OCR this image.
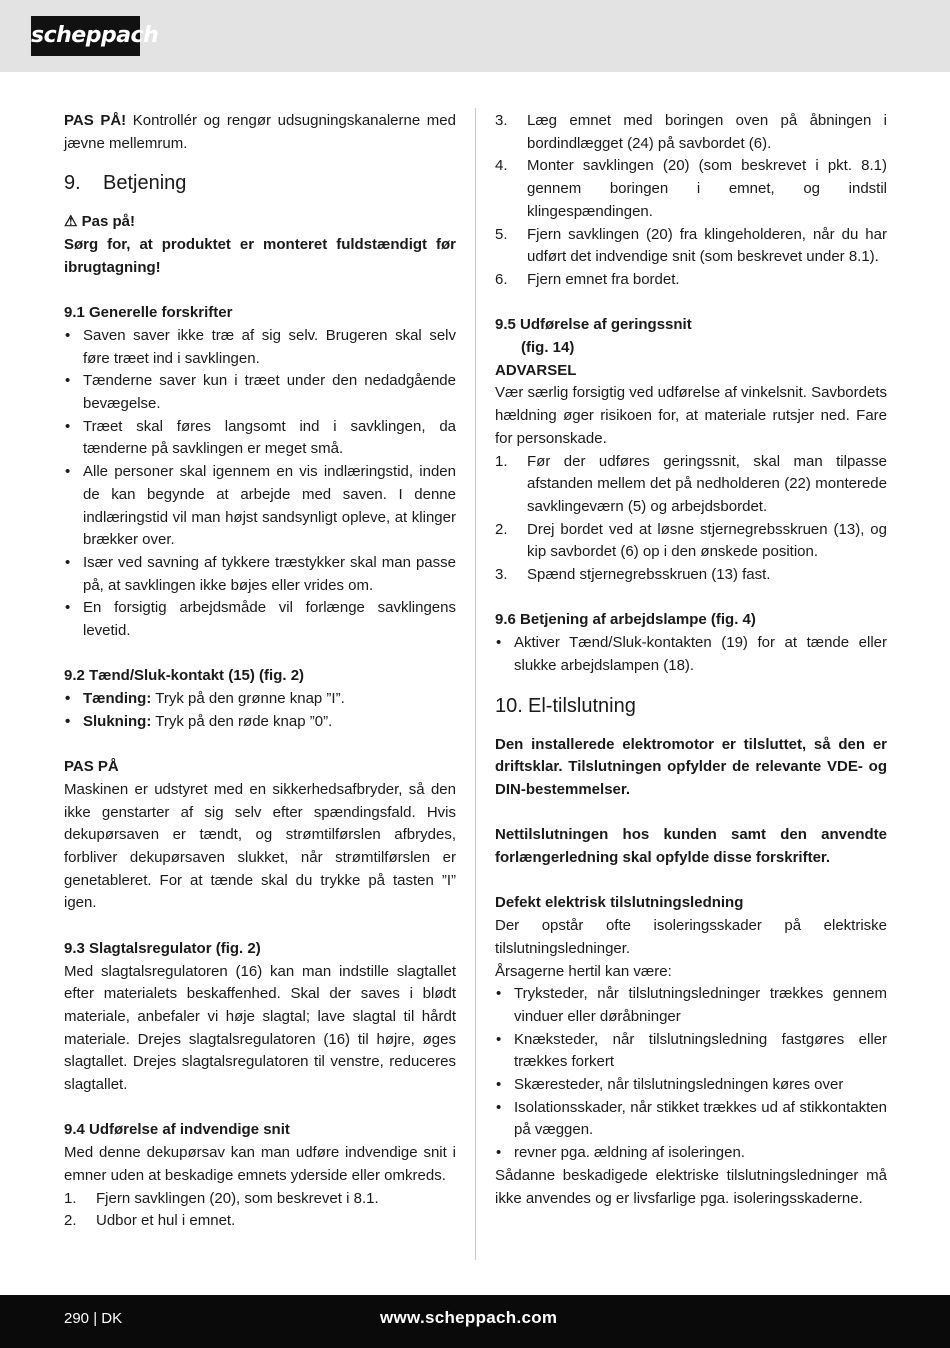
scheppach

PAS PÅ! Kontrollér og rengør udsugningskanalerne med jævne mellemrum.

9. Betjening

⚠ Pas på!

Sørg for, at produktet er monteret fuldstændigt før ibrugtagning!

9.1 Generelle forskrifter

• Saven saver ikke træ af sig selv. Brugeren skal selv føre træet ind i savklingen.
• Tænderne saver kun i træet under den nedadgående bevægelse.
• Træet skal føres langsomt ind i savklingen, da tænderne på savklingen er meget små.
• Alle personer skal igennem en vis indlæringstid, inden de kan begynde at arbejde med saven. I denne indlæringstid vil man højst sandsynligt opleve, at klinger brækker over.
• Især ved savning af tykkere træstykker skal man passe på, at savklingen ikke bøjes eller vrides om.
• En forsigtig arbejdsmåde vil forlænge savklingens levetid.

9.2 Tænd/Sluk-kontakt (15) (fig. 2)

• Tænding: Tryk på den grønne knap ”I”.
• Slukning: Tryk på den røde knap ”0”.

PAS PÅ

Maskinen er udstyret med en sikkerhedsafbryder, så den ikke genstarter af sig selv efter spændingsfald. Hvis dekupørsaven er tændt, og strømtilførslen afbrydes, forbliver dekupørsaven slukket, når strømtilførslen er genetableret. For at tænde skal du trykke på tasten ”I” igen.

9.3 Slagtalsregulator (fig. 2)

Med slagtalsregulatoren (16) kan man indstille slagtallet efter materialets beskaffenhed. Skal der saves i blødt materiale, anbefaler vi høje slagtal; lave slagtal til hårdt materiale. Drejes slagtalsregulatoren (16) til højre, øges slagtallet. Drejes slagtalsregulatoren til venstre, reduceres slagtallet.

9.4 Udførelse af indvendige snit

Med denne dekupørsav kan man udføre indvendige snit i emner uden at beskadige emnets yderside eller omkreds.

1. Fjern savklingen (20), som beskrevet i 8.1.
2. Udbor et hul i emnet.
3. Læg emnet med boringen oven på åbningen i bordindlægget (24) på savbordet (6).
4. Monter savklingen (20) (som beskrevet i pkt. 8.1) gennem boringen i emnet, og indstil klingespændingen.
5. Fjern savklingen (20) fra klingeholderen, når du har udført det indvendige snit (som beskrevet under 8.1).
6. Fjern emnet fra bordet.

9.5 Udførelse af geringssnit

(fig. 14)

ADVARSEL

Vær særlig forsigtig ved udførelse af vinkelsnit. Savbordets hældning øger risikoen for, at materiale rutsjer ned. Fare for personskade.

1. Før der udføres geringssnit, skal man tilpasse afstanden mellem det på nedholderen (22) monterede savklingeværn (5) og arbejdsbordet.
2. Drej bordet ved at løsne stjernegrebsskruen (13), og kip savbordet (6) op i den ønskede position.
3. Spænd stjernegrebsskruen (13) fast.

9.6 Betjening af arbejdslampe (fig. 4)

• Aktiver Tænd/Sluk-kontakten (19) for at tænde eller slukke arbejdslampen (18).
10. El-tilslutning

Den installerede elektromotor er tilsluttet, så den er driftsklar. Tilslutningen opfylder de relevante VDE- og DIN-bestemmelser.

Nettilslutningen hos kunden samt den anvendte forlængerledning skal opfylde disse forskrifter.

Defekt elektrisk tilslutningsledning

Der opstår ofte isoleringsskader på elektriske tilslutningsledninger.

Årsagerne hertil kan være:

• Tryksteder, når tilslutningsledninger trækkes gennem vinduer eller døråbninger
• Knæksteder, når tilslutningsledning fastgøres eller trækkes forkert
• Skæresteder, når tilslutningsledningen køres over
• Isolationsskader, når stikket trækkes ud af stikkontakten på væggen.
• revner pga. ældning af isoleringen.

Sådanne beskadigede elektriske tilslutningsledninger må ikke anvendes og er livsfarlige pga. isoleringsskaderne.

290 | DK	www.scheppach.com
